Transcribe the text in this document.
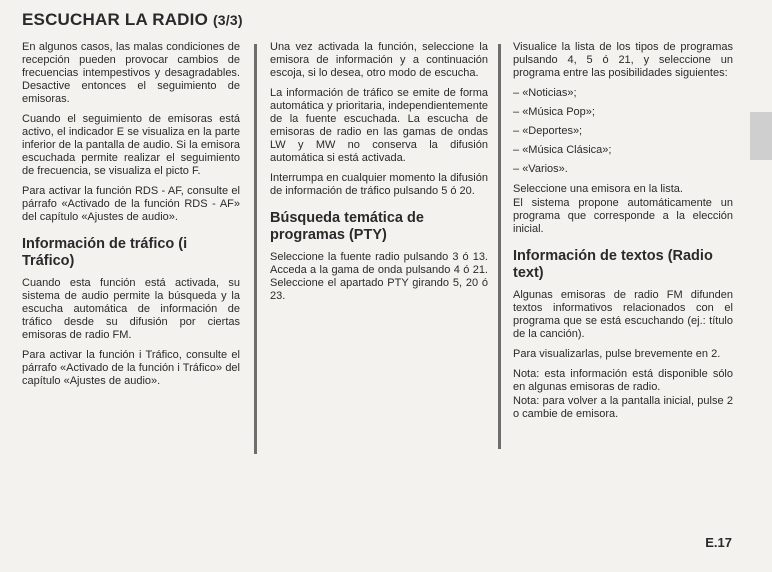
ESCUCHAR LA RADIO (3/3)

En algunos casos, las malas condiciones de recepción pueden provocar cambios de frecuencias intempestivos y desagradables. Desactive entonces el seguimiento de emisoras.

Cuando el seguimiento de emisoras está activo, el indicador E se visualiza en la parte inferior de la pantalla de audio. Si la emisora escuchada permite realizar el seguimiento de frecuencia, se visualiza el picto F.

Para activar la función RDS - AF, consulte el párrafo «Activado de la función RDS - AF» del capítulo «Ajustes de audio».

Información de tráfico (i Tráfico)

Cuando esta función está activada, su sistema de audio permite la búsqueda y la escucha automática de información de tráfico desde su difusión por ciertas emisoras de radio FM.

Para activar la función i Tráfico, consulte el párrafo «Activado de la función i Tráfico» del capítulo «Ajustes de audio».

Una vez activada la función, seleccione la emisora de información y a continuación escoja, si lo desea, otro modo de escucha.

La información de tráfico se emite de forma automática y prioritaria, independientemente de la fuente escuchada. La escucha de emisoras de radio en las gamas de ondas LW y MW no conserva la difusión automática si está activada.

Interrumpa en cualquier momento la difusión de información de tráfico pulsando 5 ó 20.

Búsqueda temática de programas (PTY)

Seleccione la fuente radio pulsando 3 ó 13. Acceda a la gama de onda pulsando 4 ó 21. Seleccione el apartado PTY girando 5, 20 ó 23.

Visualice la lista de los tipos de programas pulsando 4, 5 ó 21, y seleccione un programa entre las posibilidades siguientes:

– «Noticias»;
– «Música Pop»;
– «Deportes»;
– «Música Clásica»;
– «Varios».

Seleccione una emisora en la lista.

El sistema propone automáticamente un programa que corresponde a la elección inicial.

Información de textos (Radio text)

Algunas emisoras de radio FM difunden textos informativos relacionados con el programa que se está escuchando (ej.: título de la canción).

Para visualizarlas, pulse brevemente en 2.

Nota: esta información está disponible sólo en algunas emisoras de radio.

Nota: para volver a la pantalla inicial, pulse 2 o cambie de emisora.

E.17
